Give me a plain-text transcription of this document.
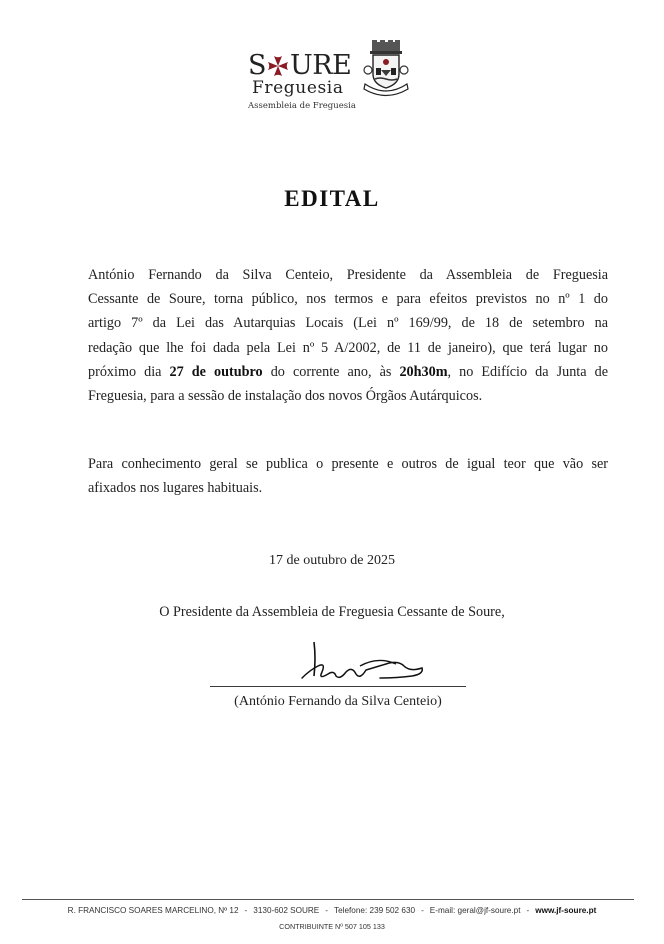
S URE
Freguesia
Assembleia de Freguesia
EDITAL
António Fernando da Silva Centeio, Presidente da Assembleia de Freguesia
Cessante de Soure, torna público, nos termos e para efeitos previstos no nº 1 do
artigo 7º da Lei das Autarquias Locais (Lei nº 169/99, de 18 de setembro na
redação que lhe foi dada pela Lei nº 5 A/2002, de 11 de janeiro), que terá lugar no
próximo dia 27 de outubro do corrente ano, às 20h30m, no Edifício da Junta de
Freguesia, para a sessão de instalação dos novos Órgãos Autárquicos.
Para conhecimento geral se publica o presente e outros de igual teor que vão ser
afixados nos lugares habituais.
17 de outubro de 2025
O Presidente da Assembleia de Freguesia Cessante de Soure,
(António Fernando da Silva Centeio)
R. FRANCISCO SOARES MARCELINO, Nº 12 - 3130-602 SOURE - Telefone: 239 502 630 - E-mail: geral@jf-soure.pt - www.jf-soure.pt
CONTRIBUINTE Nº 507 105 133
